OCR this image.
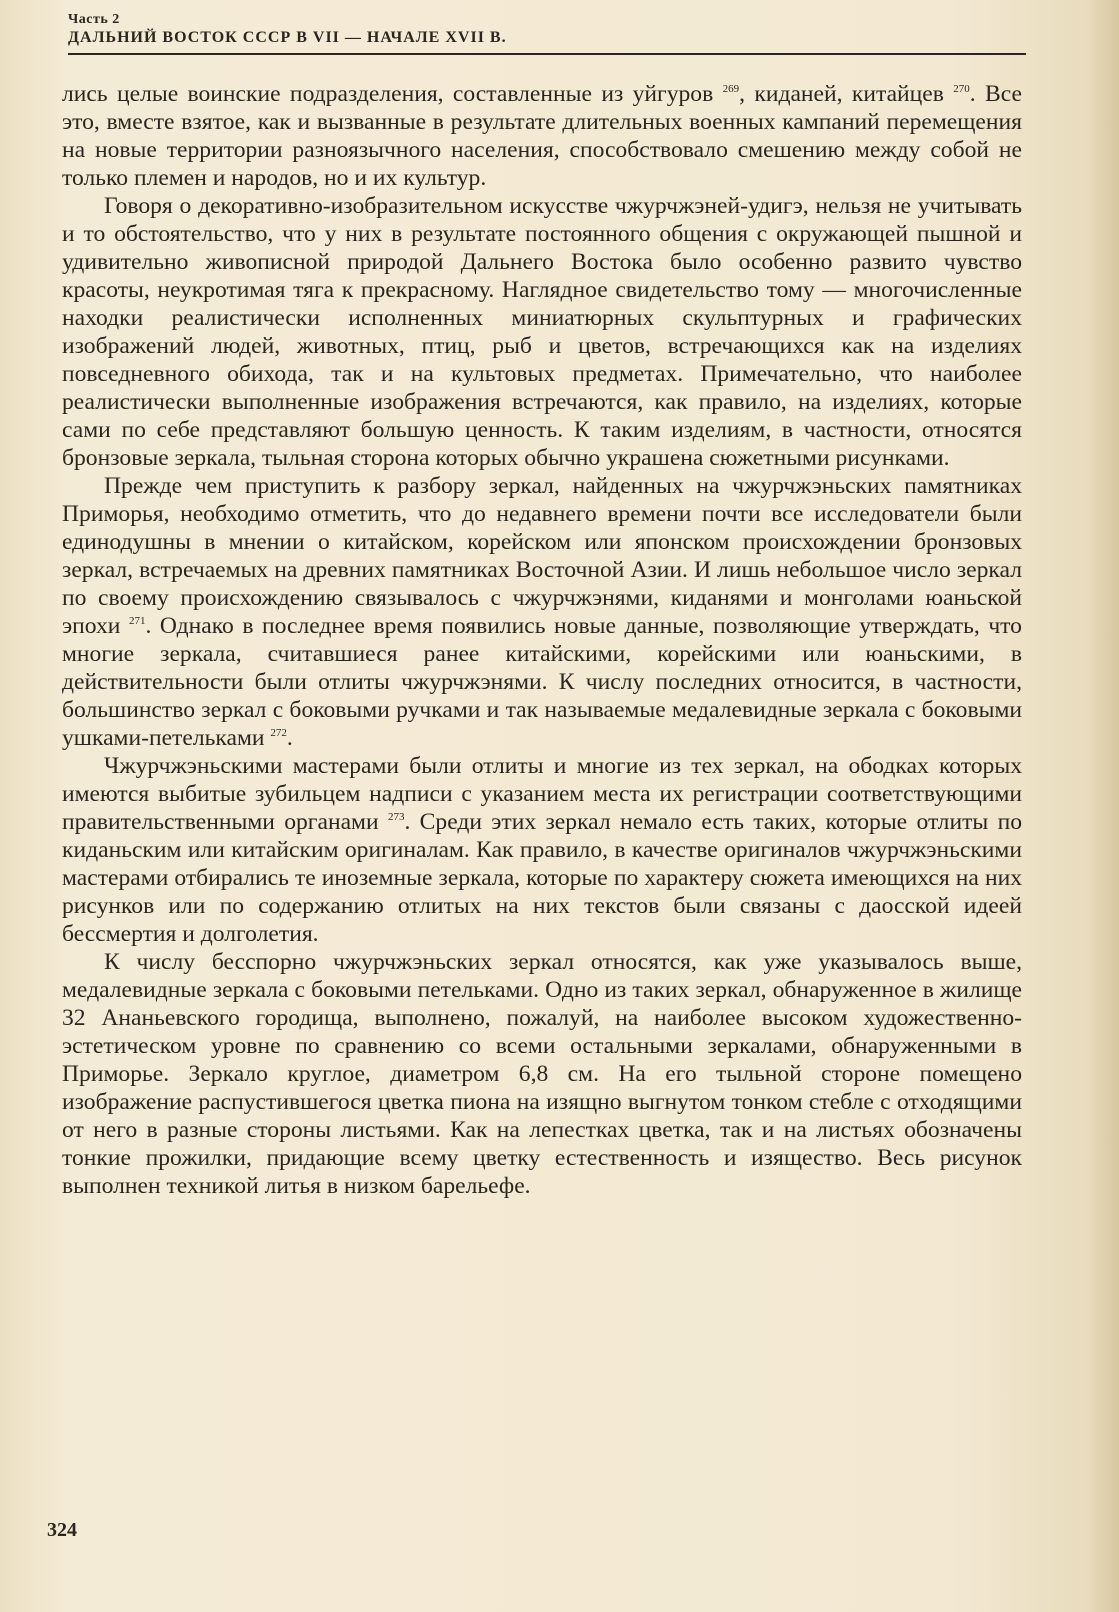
Часть 2
ДАЛЬНИЙ ВОСТОК СССР В VII — НАЧАЛЕ XVII В.

лись целые воинские подразделения, составленные из уйгуров $^{269}$, киданей, китайцев $^{270}$. Все это, вместе взятое, как и вызванные в результате длительных военных кампаний перемещения на новые территории разноязычного населения, способствовало смешению между собой не только племен и народов, но и их культур.

Говоря о декоративно-изобразительном искусстве чжурчжэней-удигэ, нельзя не учитывать и то обстоятельство, что у них в результате постоянного общения с окружающей пышной и удивительно живописной природой Дальнего Востока было особенно развито чувство красоты, неукротимая тяга к прекрасному. Наглядное свидетельство тому — многочисленные находки реалистически исполненных миниатюрных скульптурных и графических изображений людей, животных, птиц, рыб и цветов, встречающихся как на изделиях повседневного обихода, так и на культовых предметах. Примечательно, что наиболее реалистически выполненные изображения встречаются, как правило, на изделиях, которые сами по себе представляют большую ценность. К таким изделиям, в частности, относятся бронзовые зеркала, тыльная сторона которых обычно украшена сюжетными рисунками.

Прежде чем приступить к разбору зеркал, найденных на чжурчжэньских памятниках Приморья, необходимо отметить, что до недавнего времени почти все исследователи были единодушны в мнении о китайском, корейском или японском происхождении бронзовых зеркал, встречаемых на древних памятниках Восточной Азии. И лишь небольшое число зеркал по своему происхождению связывалось с чжурчжэнями, киданями и монголами юаньской эпохи $^{271}$. Однако в последнее время появились новые данные, позволяющие утверждать, что многие зеркала, считавшиеся ранее китайскими, корейскими или юаньскими, в действительности были отлиты чжурчжэнями. К числу последних относится, в частности, большинство зеркал с боковыми ручками и так называемые медалевидные зеркала с боковыми ушками-петельками $^{272}$.

Чжурчжэньскими мастерами были отлиты и многие из тех зеркал, на ободках которых имеются выбитые зубильцем надписи с указанием места их регистрации соответствующими правительственными органами $^{273}$. Среди этих зеркал немало есть таких, которые отлиты по киданьским или китайским оригиналам. Как правило, в качестве оригиналов чжурчжэньскими мастерами отбирались те иноземные зеркала, которые по характеру сюжета имеющихся на них рисунков или по содержанию отлитых на них текстов были связаны с даосской идеей бессмертия и долголетия.

К числу бесспорно чжурчжэньских зеркал относятся, как уже указывалось выше, медалевидные зеркала с боковыми петельками. Одно из таких зеркал, обнаруженное в жилище 32 Ананьевского городища, выполнено, пожалуй, на наиболее высоком художественно-эстетическом уровне по сравнению со всеми остальными зеркалами, обнаруженными в Приморье. Зеркало круглое, диаметром 6,8 см. На его тыльной стороне помещено изображение распустившегося цветка пиона на изящно выгнутом тонком стебле с отходящими от него в разные стороны листьями. Как на лепестках цветка, так и на листьях обозначены тонкие прожилки, придающие всему цветку естественность и изящество. Весь рисунок выполнен техникой литья в низком барельефе.

324
